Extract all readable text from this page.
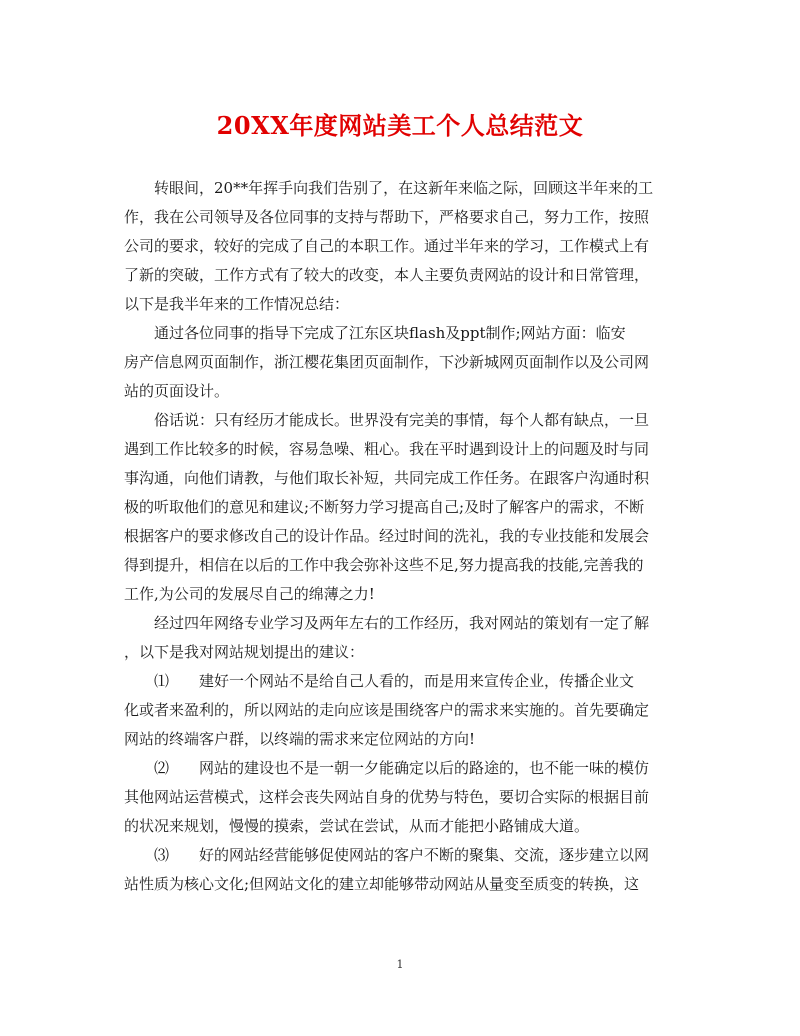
20XX年度网站美工个人总结范文
转眼间，20**年挥手向我们告别了，在这新年来临之际，回顾这半年来的工
作，我在公司领导及各位同事的支持与帮助下，严格要求自己，努力工作，按照
公司的要求，较好的完成了自己的本职工作。通过半年来的学习，工作模式上有
了新的突破，工作方式有了较大的改变，本人主要负责网站的设计和日常管理，
以下是我半年来的工作情况总结：
通过各位同事的指导下完成了江东区块flash及ppt制作;网站方面：临安
房产信息网页面制作，浙江樱花集团页面制作，下沙新城网页面制作以及公司网
站的页面设计。
俗话说：只有经历才能成长。世界没有完美的事情，每个人都有缺点，一旦
遇到工作比较多的时候，容易急噪、粗心。我在平时遇到设计上的问题及时与同
事沟通，向他们请教，与他们取长补短，共同完成工作任务。在跟客户沟通时积
极的听取他们的意见和建议;不断努力学习提高自己;及时了解客户的需求，不断
根据客户的要求修改自己的设计作品。经过时间的洗礼，我的专业技能和发展会
得到提升，相信在以后的工作中我会弥补这些不足,努力提高我的技能,完善我的
工作,为公司的发展尽自己的绵薄之力!
经过四年网络专业学习及两年左右的工作经历，我对网站的策划有一定了解
，以下是我对网站规划提出的建议：
⑴　　建好一个网站不是给自己人看的，而是用来宣传企业，传播企业文
化或者来盈利的，所以网站的走向应该是围绕客户的需求来实施的。首先要确定
网站的终端客户群，以终端的需求来定位网站的方向!
⑵　　网站的建设也不是一朝一夕能确定以后的路途的，也不能一味的模仿
其他网站运营模式，这样会丧失网站自身的优势与特色，要切合实际的根据目前
的状况来规划，慢慢的摸索，尝试在尝试，从而才能把小路铺成大道。
⑶　　好的网站经营能够促使网站的客户不断的聚集、交流，逐步建立以网
站性质为核心文化;但网站文化的建立却能够带动网站从量变至质变的转换，这
1
